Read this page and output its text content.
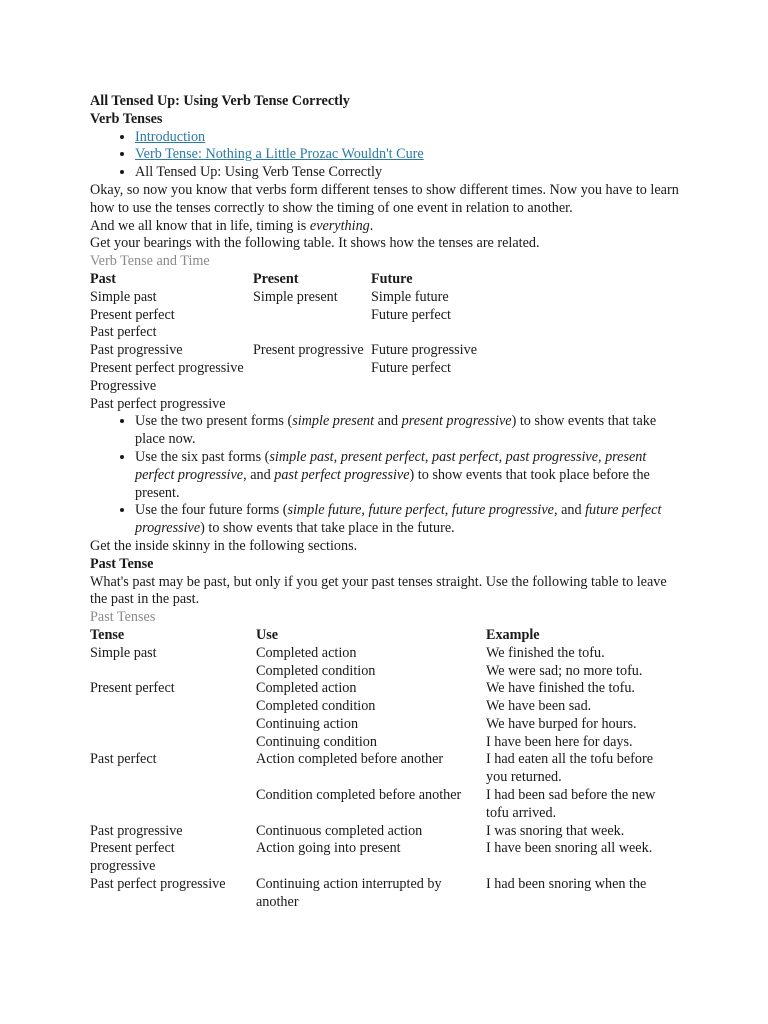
All Tensed Up: Using Verb Tense Correctly
Verb Tenses
• Introduction
• Verb Tense: Nothing a Little Prozac Wouldn't Cure
• All Tensed Up: Using Verb Tense Correctly
Okay, so now you know that verbs form different tenses to show different times. Now you have to learn how to use the tenses correctly to show the timing of one event in relation to another.
And we all know that in life, timing is everything.
Get your bearings with the following table. It shows how the tenses are related.
Verb Tense and Time
Past	Present	Future
Simple past	Simple present	Simple future
Present perfect		Future perfect
Past perfect		
Past progressive	Present progressive	Future progressive
Present perfect progressive		Future perfect
Progressive		
Past perfect progressive		
• Use the two present forms (simple present and present progressive) to show events that take place now.
• Use the six past forms (simple past, present perfect, past perfect, past progressive, present perfect progressive, and past perfect progressive) to show events that took place before the present.
• Use the four future forms (simple future, future perfect, future progressive, and future perfect progressive) to show events that take place in the future.
Get the inside skinny in the following sections.
Past Tense
What's past may be past, but only if you get your past tenses straight. Use the following table to leave the past in the past.
Past Tenses
Tense	Use	Example
Simple past	Completed action	We finished the tofu.
	Completed condition	We were sad; no more tofu.
Present perfect	Completed action	We have finished the tofu.
	Completed condition	We have been sad.
	Continuing action	We have burped for hours.
	Continuing condition	I have been here for days.
Past perfect	Action completed before another	I had eaten all the tofu before you returned.
	Condition completed before another	I had been sad before the new tofu arrived.
Past progressive	Continuous completed action	I was snoring that week.
Present perfect progressive	Action going into present	I have been snoring all week.
Past perfect progressive	Continuing action interrupted by another	I had been snoring when the
